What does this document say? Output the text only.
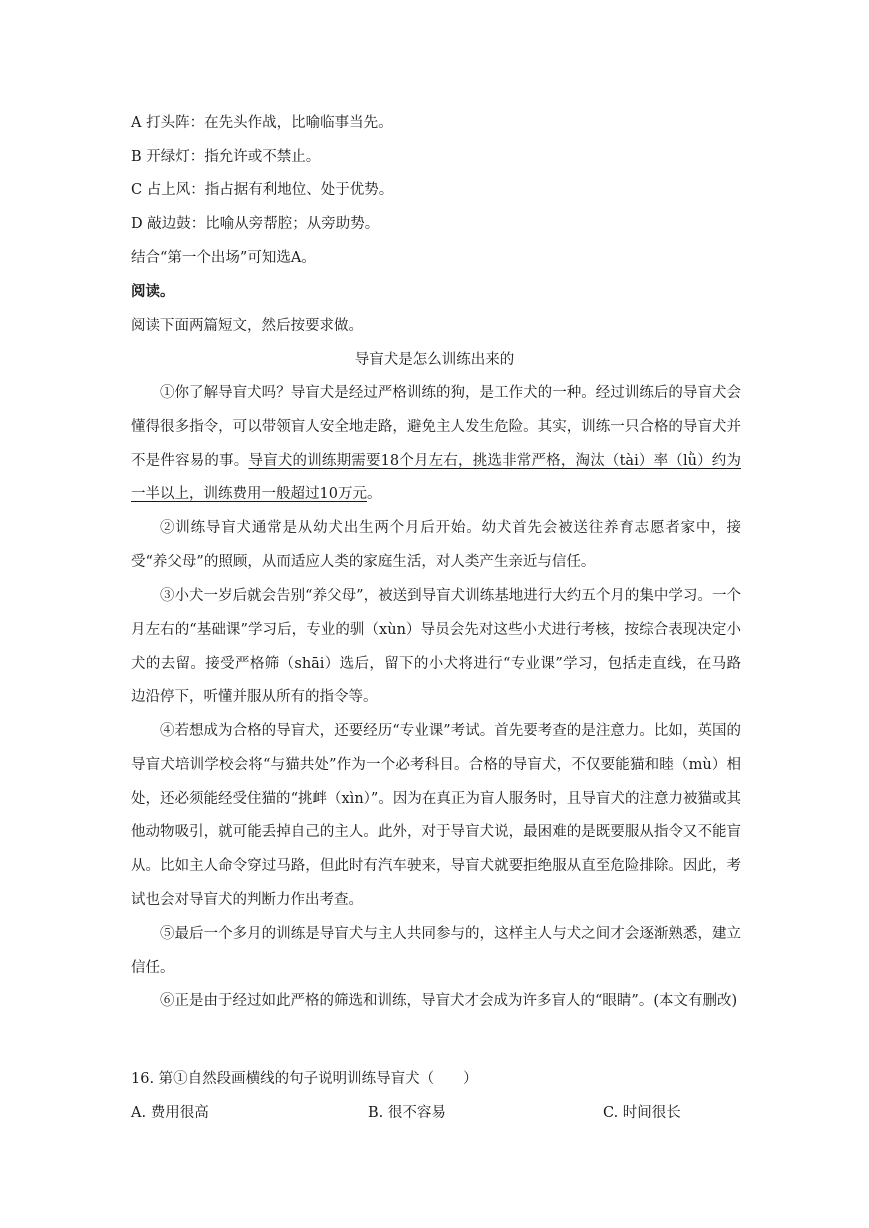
A 打头阵：在先头作战，比喻临事当先。
B 开绿灯：指允许或不禁止。
C 占上风：指占据有利地位、处于优势。
D 敲边鼓：比喻从旁帮腔；从旁助势。
结合“第一个出场”可知选A。
阅读。
阅读下面两篇短文，然后按要求做。
导盲犬是怎么训练出来的
①你了解导盲犬吗？导盲犬是经过严格训练的狗，是工作犬的一种。经过训练后的导盲犬会懂得很多指令，可以带领盲人安全地走路，避免主人发生危险。其实，训练一只合格的导盲犬并不是件容易的事。导盲犬的训练期需要18个月左右，挑选非常严格，淘汰（tài）率（lǜ）约为一半以上，训练费用一般超过10万元。
②训练导盲犬通常是从幼犬出生两个月后开始。幼犬首先会被送往养育志愿者家中，接受“养父母”的照顾，从而适应人类的家庭生活，对人类产生亲近与信任。
③小犬一岁后就会告别“养父母”，被送到导盲犬训练基地进行大约五个月的集中学习。一个月左右的“基础课”学习后，专业的驯（xùn）导员会先对这些小犬进行考核，按综合表现决定小犬的去留。接受严格筛（shāi）选后，留下的小犬将进行“专业课”学习，包括走直线，在马路边沿停下，听懂并服从所有的指令等。
④若想成为合格的导盲犬，还要经历“专业课”考试。首先要考查的是注意力。比如，英国的导盲犬培训学校会将“与猫共处”作为一个必考科目。合格的导盲犬，不仅要能猫和睦（mù）相处，还必须能经受住猫的“挑衅（xìn）”。因为在真正为盲人服务时，且导盲犬的注意力被猫或其他动物吸引，就可能丢掉自己的主人。此外，对于导盲犬说，最困难的是既要服从指令又不能盲从。比如主人命令穿过马路，但此时有汽车驶来，导盲犬就要拒绝服从直至危险排除。因此，考试也会对导盲犬的判断力作出考查。
⑤最后一个多月的训练是导盲犬与主人共同参与的，这样主人与犬之间才会逐渐熟悉，建立信任。
⑥正是由于经过如此严格的筛选和训练，导盲犬才会成为许多盲人的“眼睛”。(本文有删改)
16. 第①自然段画横线的句子说明训练导盲犬（　　）
A. 费用很高	B. 很不容易	C. 时间很长
